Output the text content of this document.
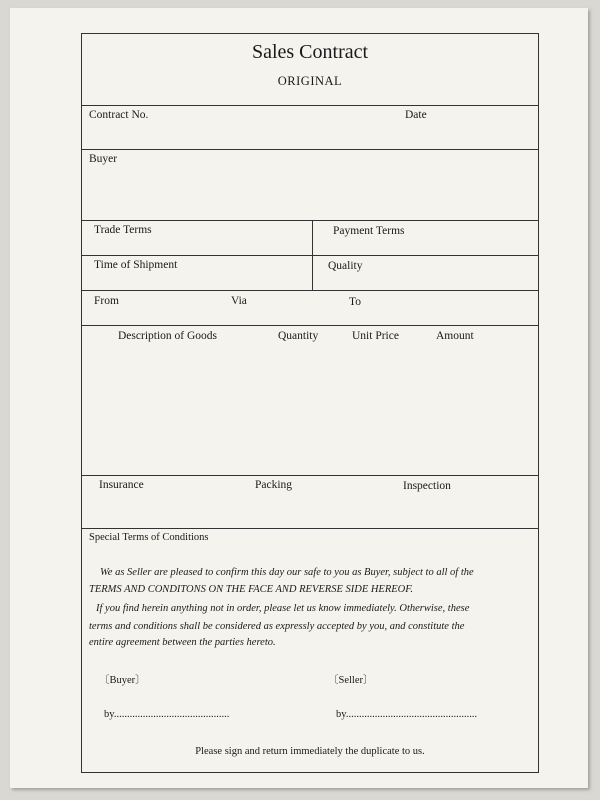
Sales Contract
ORIGINAL
Contract No.	Date
Buyer
Trade Terms	Payment Terms
Time of Shipment	Quality
From	Via	To
Description of Goods	Quantity	Unit Price	Amount
Insurance	Packing	Inspection
Special Terms of Conditions
We as Seller are pleased to confirm this day our safe to you as Buyer, subject to all of the
TERMS AND CONDITONS ON THE FACE AND REVERSE SIDE HEREOF.
If you find herein anything not in order, please let us know immediately. Otherwise, these
terms and conditions shall be considered as expressly accepted by you, and constitute the
entire agreement between the parties hereto.
〔Buyer〕	〔Seller〕
by............................................	by..................................................
Please sign and return immediately the duplicate to us.
